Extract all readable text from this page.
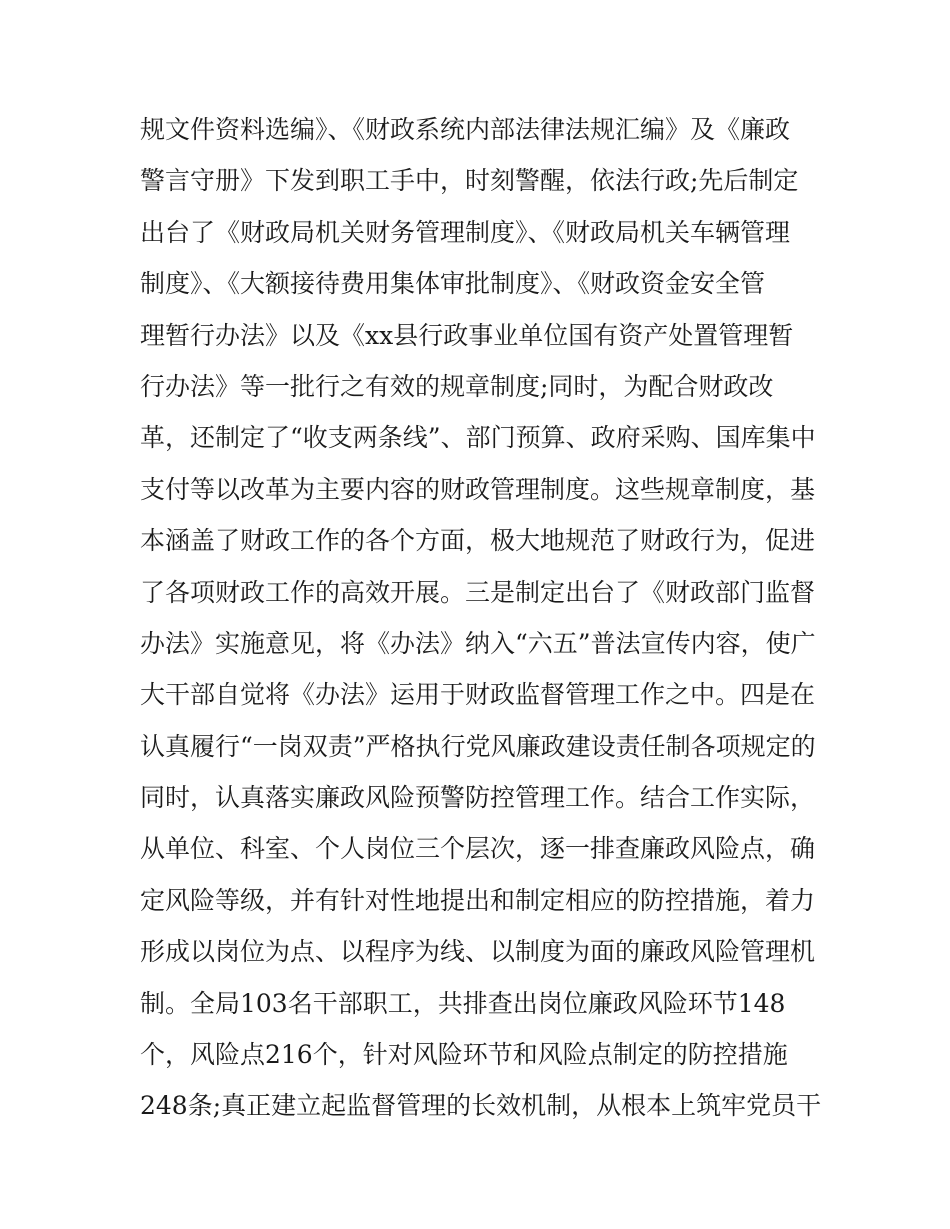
规文件资料选编》、《财政系统内部法律法规汇编》及《廉政
警言守册》下发到职工手中，时刻警醒，依法行政;先后制定
出台了《财政局机关财务管理制度》、《财政局机关车辆管理
制度》、《大额接待费用集体审批制度》、《财政资金安全管
理暂行办法》以及《xx县行政事业单位国有资产处置管理暂
行办法》等一批行之有效的规章制度;同时，为配合财政改
革，还制定了“收支两条线”、部门预算、政府采购、国库集中
支付等以改革为主要内容的财政管理制度。这些规章制度，基
本涵盖了财政工作的各个方面，极大地规范了财政行为，促进
了各项财政工作的高效开展。三是制定出台了《财政部门监督
办法》实施意见，将《办法》纳入“六五”普法宣传内容，使广
大干部自觉将《办法》运用于财政监督管理工作之中。四是在
认真履行“一岗双责”严格执行党风廉政建设责任制各项规定的
同时，认真落实廉政风险预警防控管理工作。结合工作实际，
从单位、科室、个人岗位三个层次，逐一排查廉政风险点，确
定风险等级，并有针对性地提出和制定相应的防控措施，着力
形成以岗位为点、以程序为线、以制度为面的廉政风险管理机
制。全局103名干部职工，共排查出岗位廉政风险环节148
个，风险点216个，针对风险环节和风险点制定的防控措施
248条;真正建立起监督管理的长效机制，从根本上筑牢党员干
